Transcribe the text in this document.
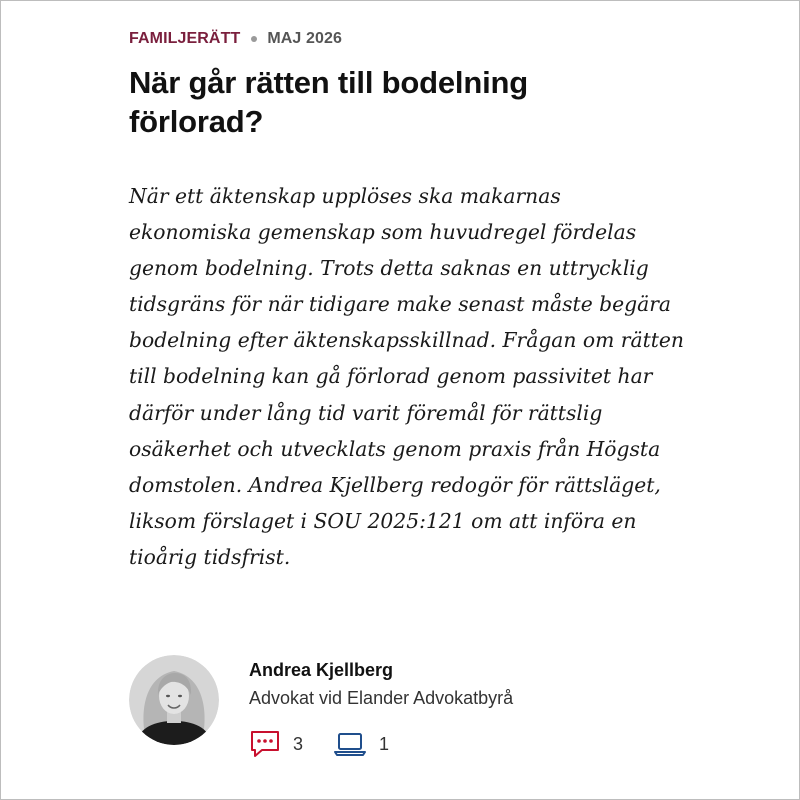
FAMILJERÄTT MAJ 2026
När går rätten till bodelning förlorad?

När ett äktenskap upplöses ska makarnas ekonomiska gemenskap som huvudregel fördelas genom bodelning. Trots detta saknas en uttrycklig tidsgräns för när tidigare make senast måste begära bodelning efter äktenskapsskillnad. Frågan om rätten till bodelning kan gå förlorad genom passivitet har därför under lång tid varit föremål för rättslig osäkerhet och utvecklats genom praxis från Högsta domstolen. Andrea Kjellberg redogör för rättsläget, liksom förslaget i SOU 2025:121 om att införa en tioårig tidsfrist.

Andrea Kjellberg
Advokat vid Elander Advokatbyrå
3	1
